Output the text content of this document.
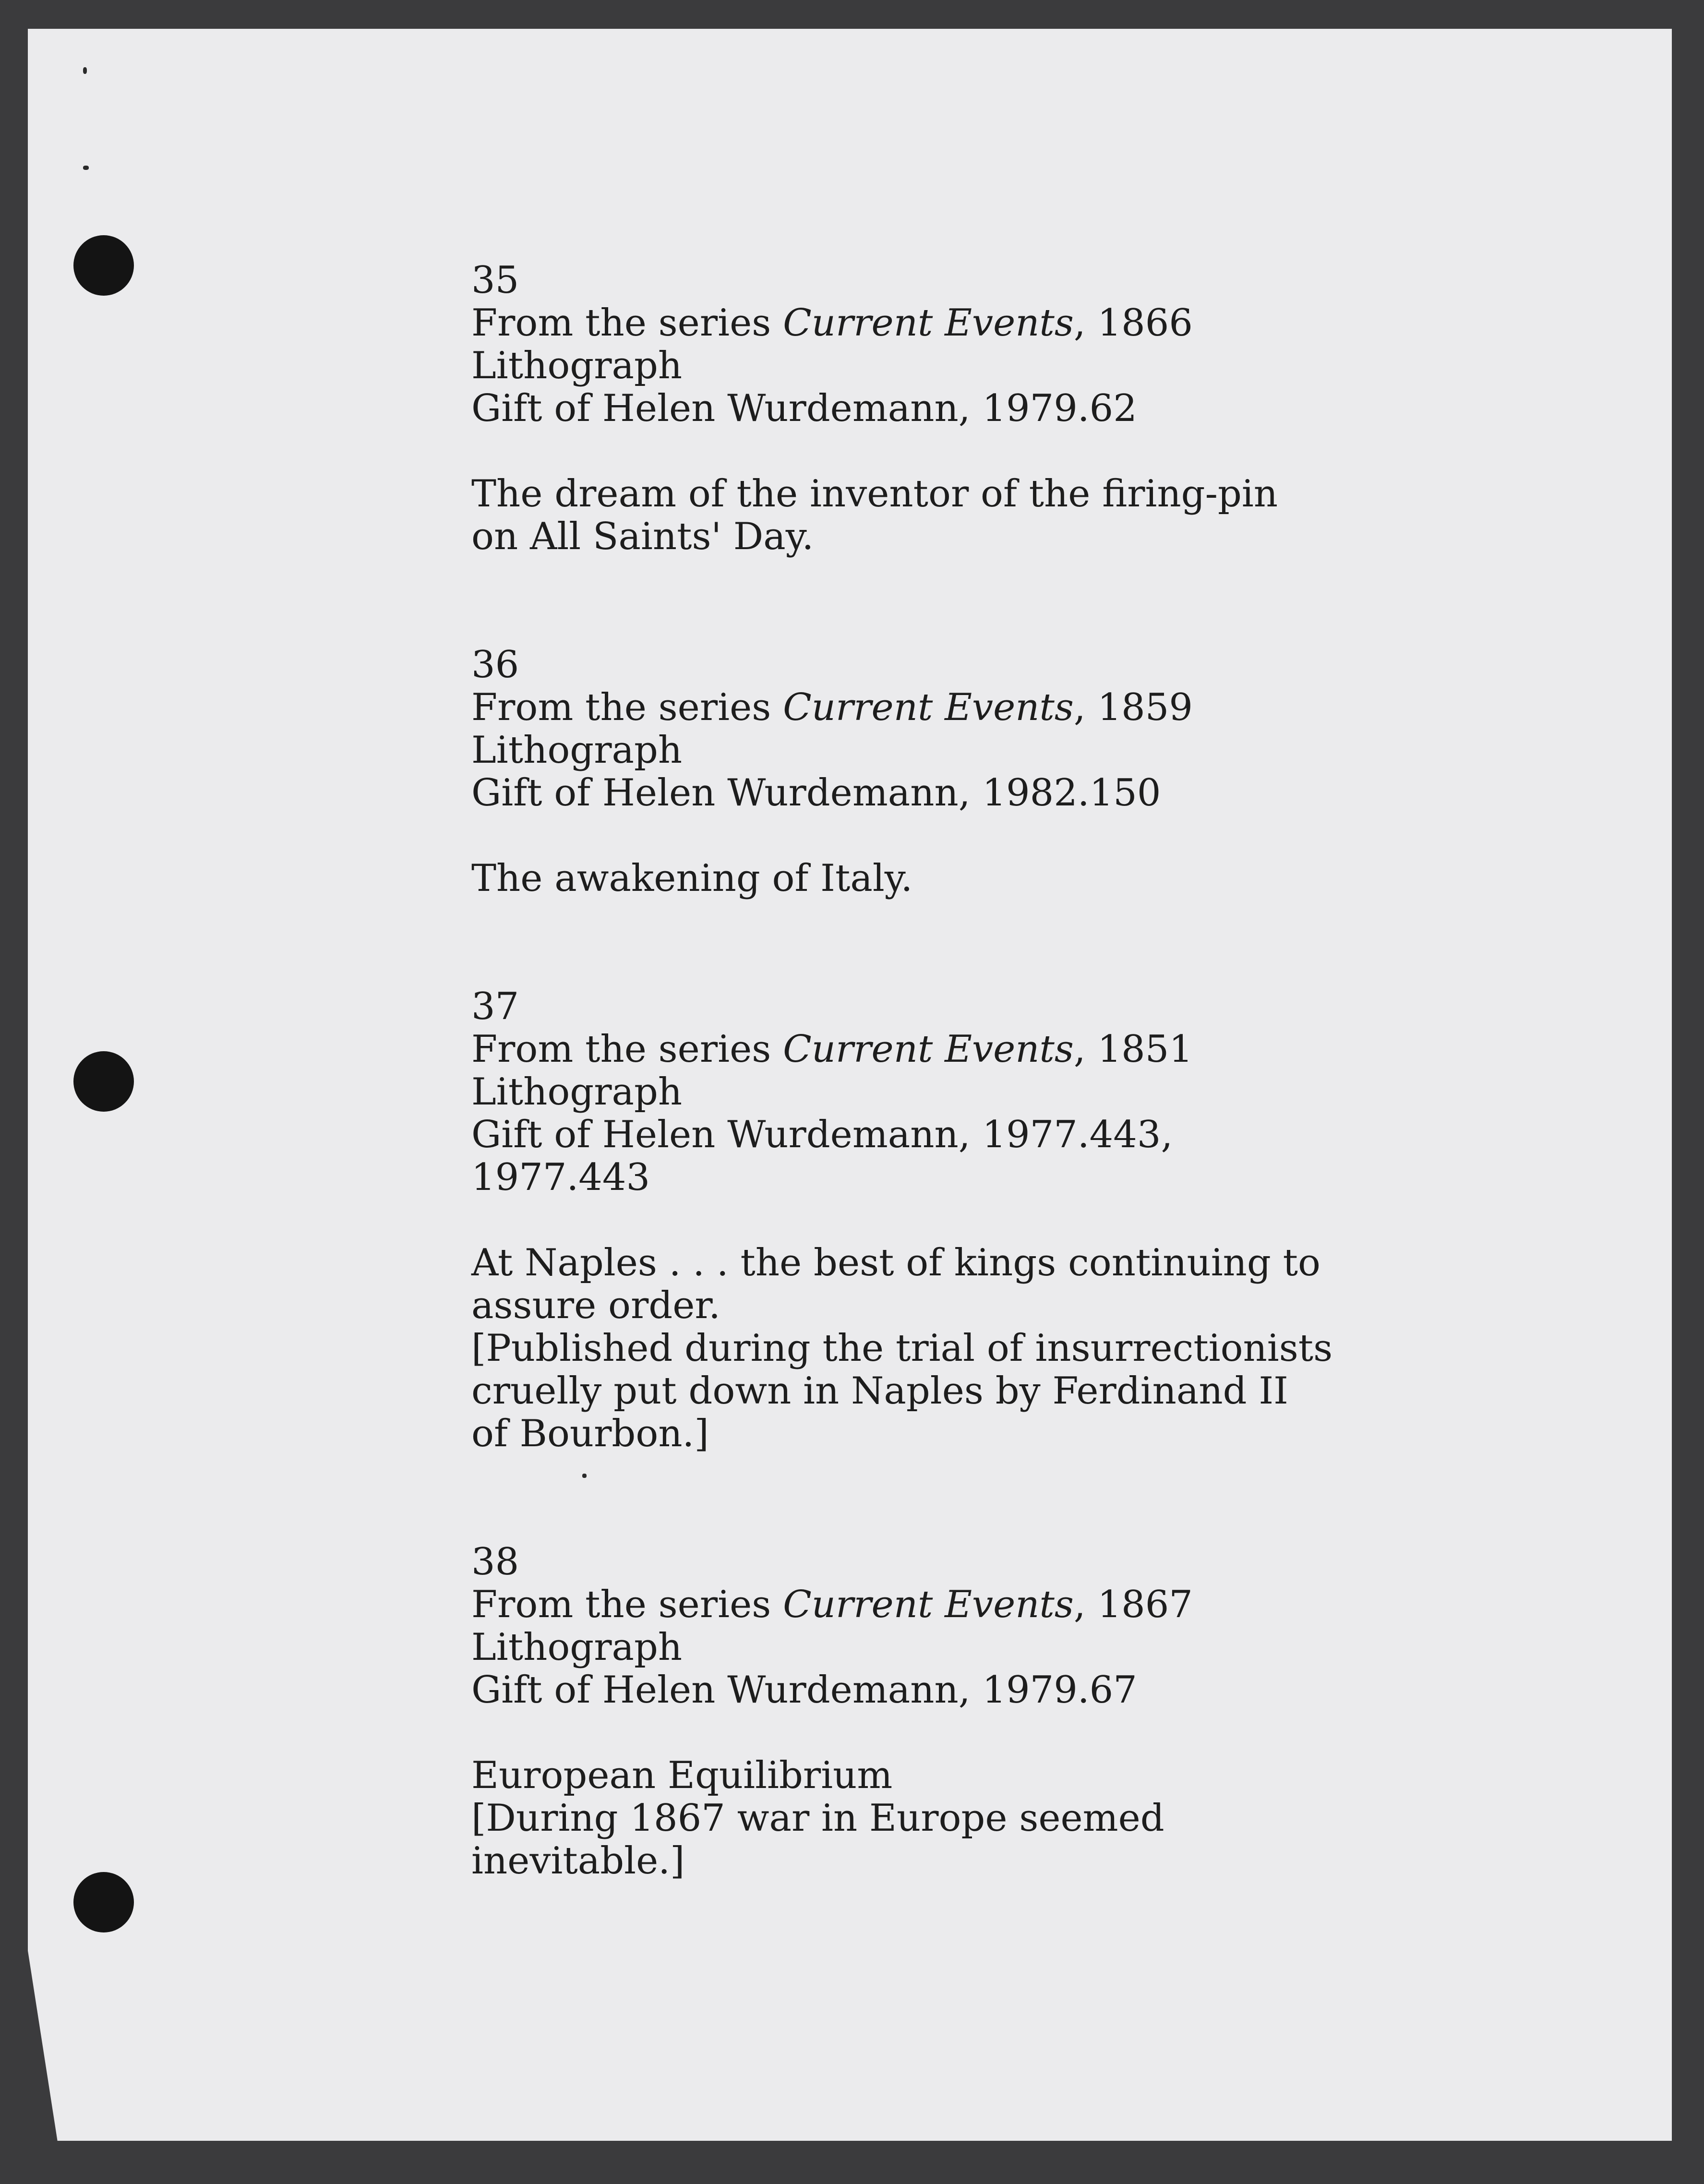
35
From the series Current Events, 1866
Lithograph
Gift of Helen Wurdemann, 1979.62
The dream of the inventor of the firing-pin
on All Saints' Day.
36
From the series Current Events, 1859
Lithograph
Gift of Helen Wurdemann, 1982.150
The awakening of Italy.
37
From the series Current Events, 1851
Lithograph
Gift of Helen Wurdemann, 1977.443,
1977.443
At Naples . . . the best of kings continuing to
assure order.
[Published during the trial of insurrectionists
cruelly put down in Naples by Ferdinand II
of Bourbon.]
38
From the series Current Events, 1867
Lithograph
Gift of Helen Wurdemann, 1979.67
European Equilibrium
[During 1867 war in Europe seemed
inevitable.]
